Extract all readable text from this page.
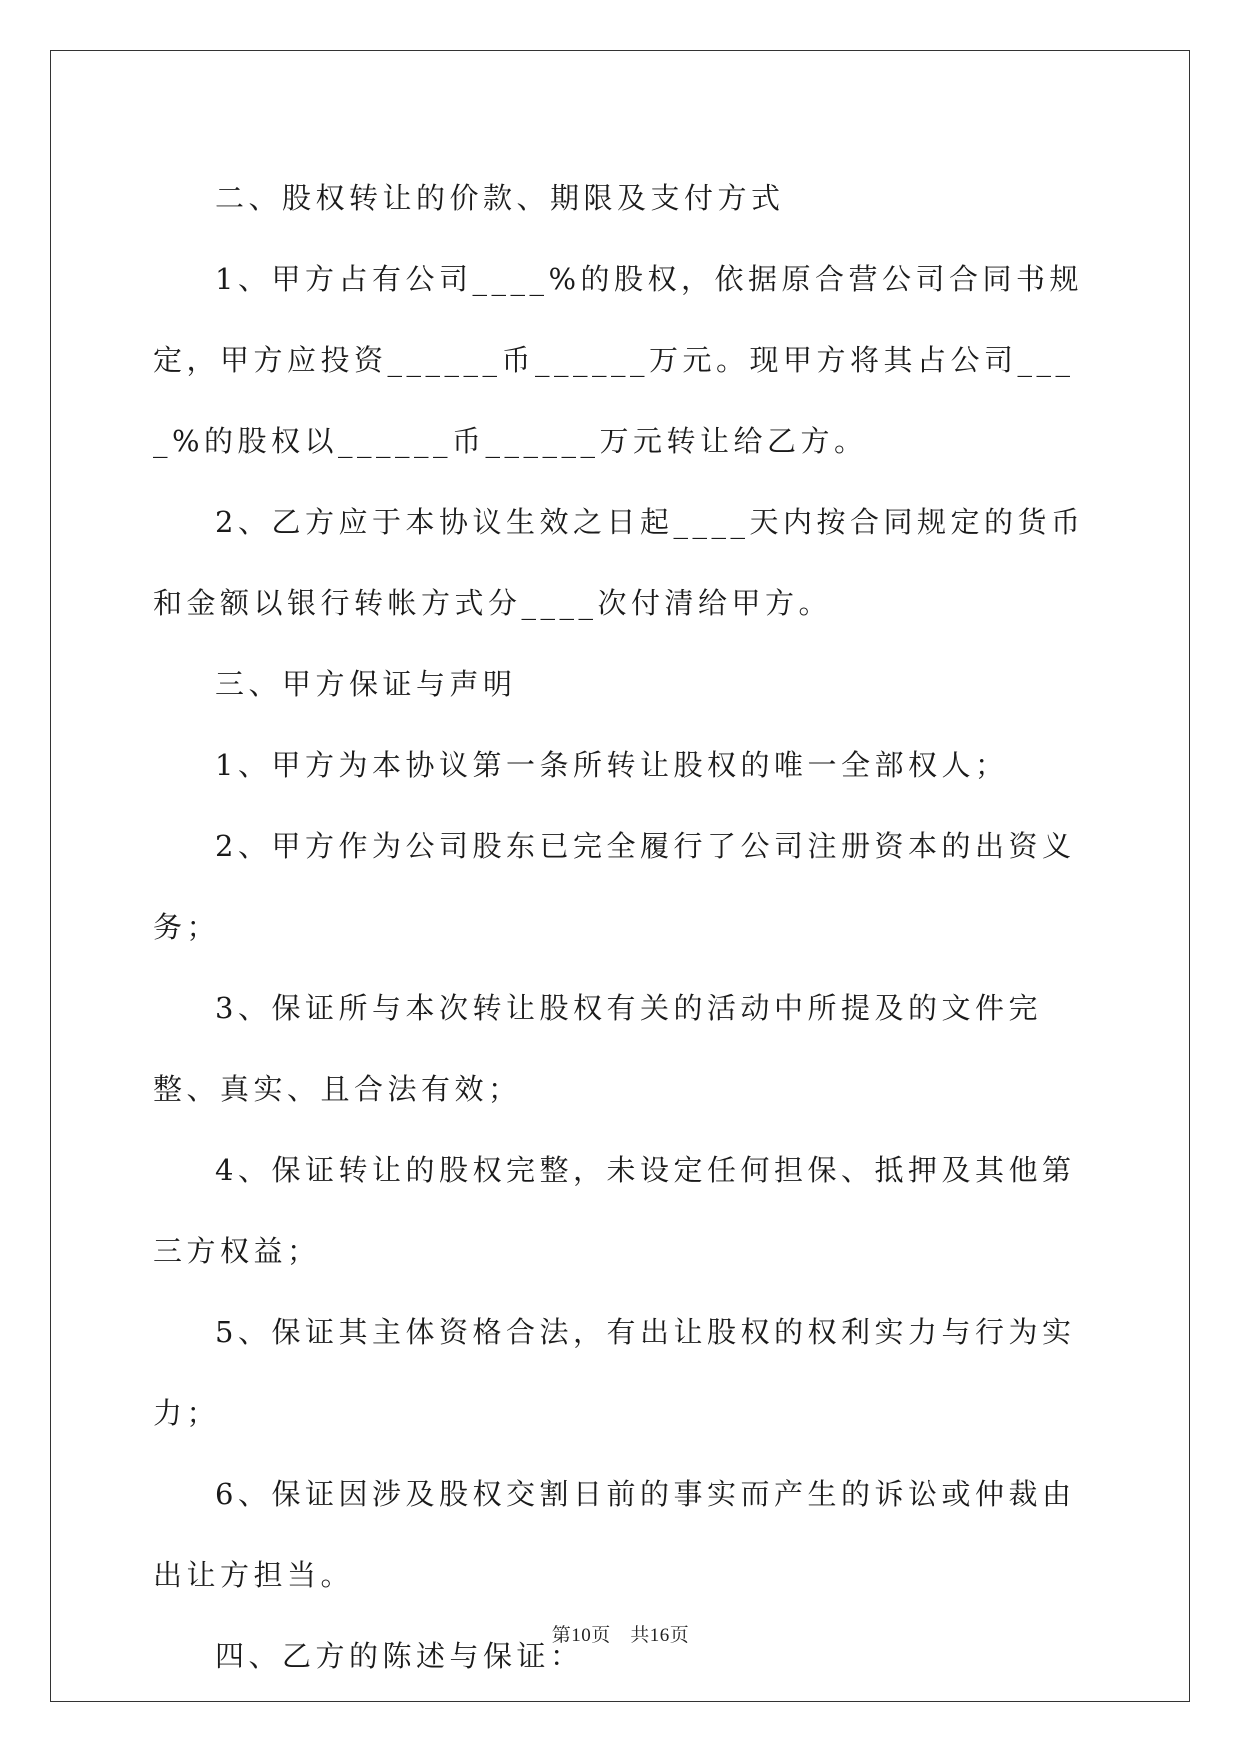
二、股权转让的价款、期限及支付方式

1、甲方占有公司____%的股权，依据原合营公司合同书规定，甲方应投资______币______万元。现甲方将其占公司____%的股权以______币______万元转让给乙方。

2、乙方应于本协议生效之日起____天内按合同规定的货币和金额以银行转帐方式分____次付清给甲方。

三、甲方保证与声明

1、甲方为本协议第一条所转让股权的唯一全部权人；

2、甲方作为公司股东已完全履行了公司注册资本的出资义务；

3、保证所与本次转让股权有关的活动中所提及的文件完整、真实、且合法有效；

4、保证转让的股权完整，未设定任何担保、抵押及其他第三方权益；

5、保证其主体资格合法，有出让股权的权利实力与行为实力；

6、保证因涉及股权交割日前的事实而产生的诉讼或仲裁由出让方担当。

四、乙方的陈述与保证：

第10页　共16页
